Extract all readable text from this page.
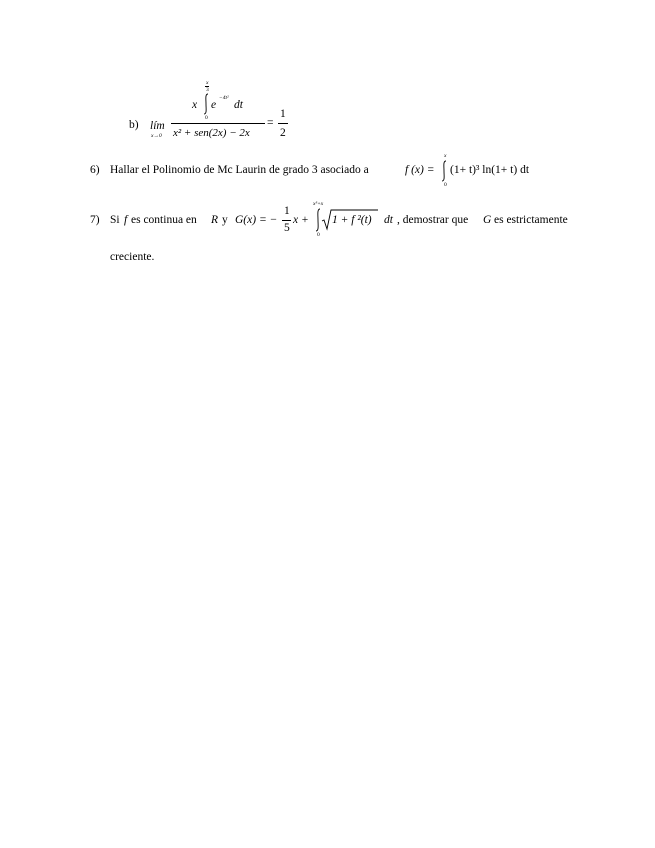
b) lím
x→0
x
x
3
0
e
−4t²
dt
x² + sen(2x) − 2x
=
1
2
6) Hallar el Polinomio de Mc Laurin de grado 3 asociado a	f (x) =
x
0
(1+ t)³ ln(1+ t) dt
7) Si f es continua en R y G(x) = −
1
5
x +
x³+x
0
1 + f ²(t) dt , demostrar que G es estrictamente
creciente.
